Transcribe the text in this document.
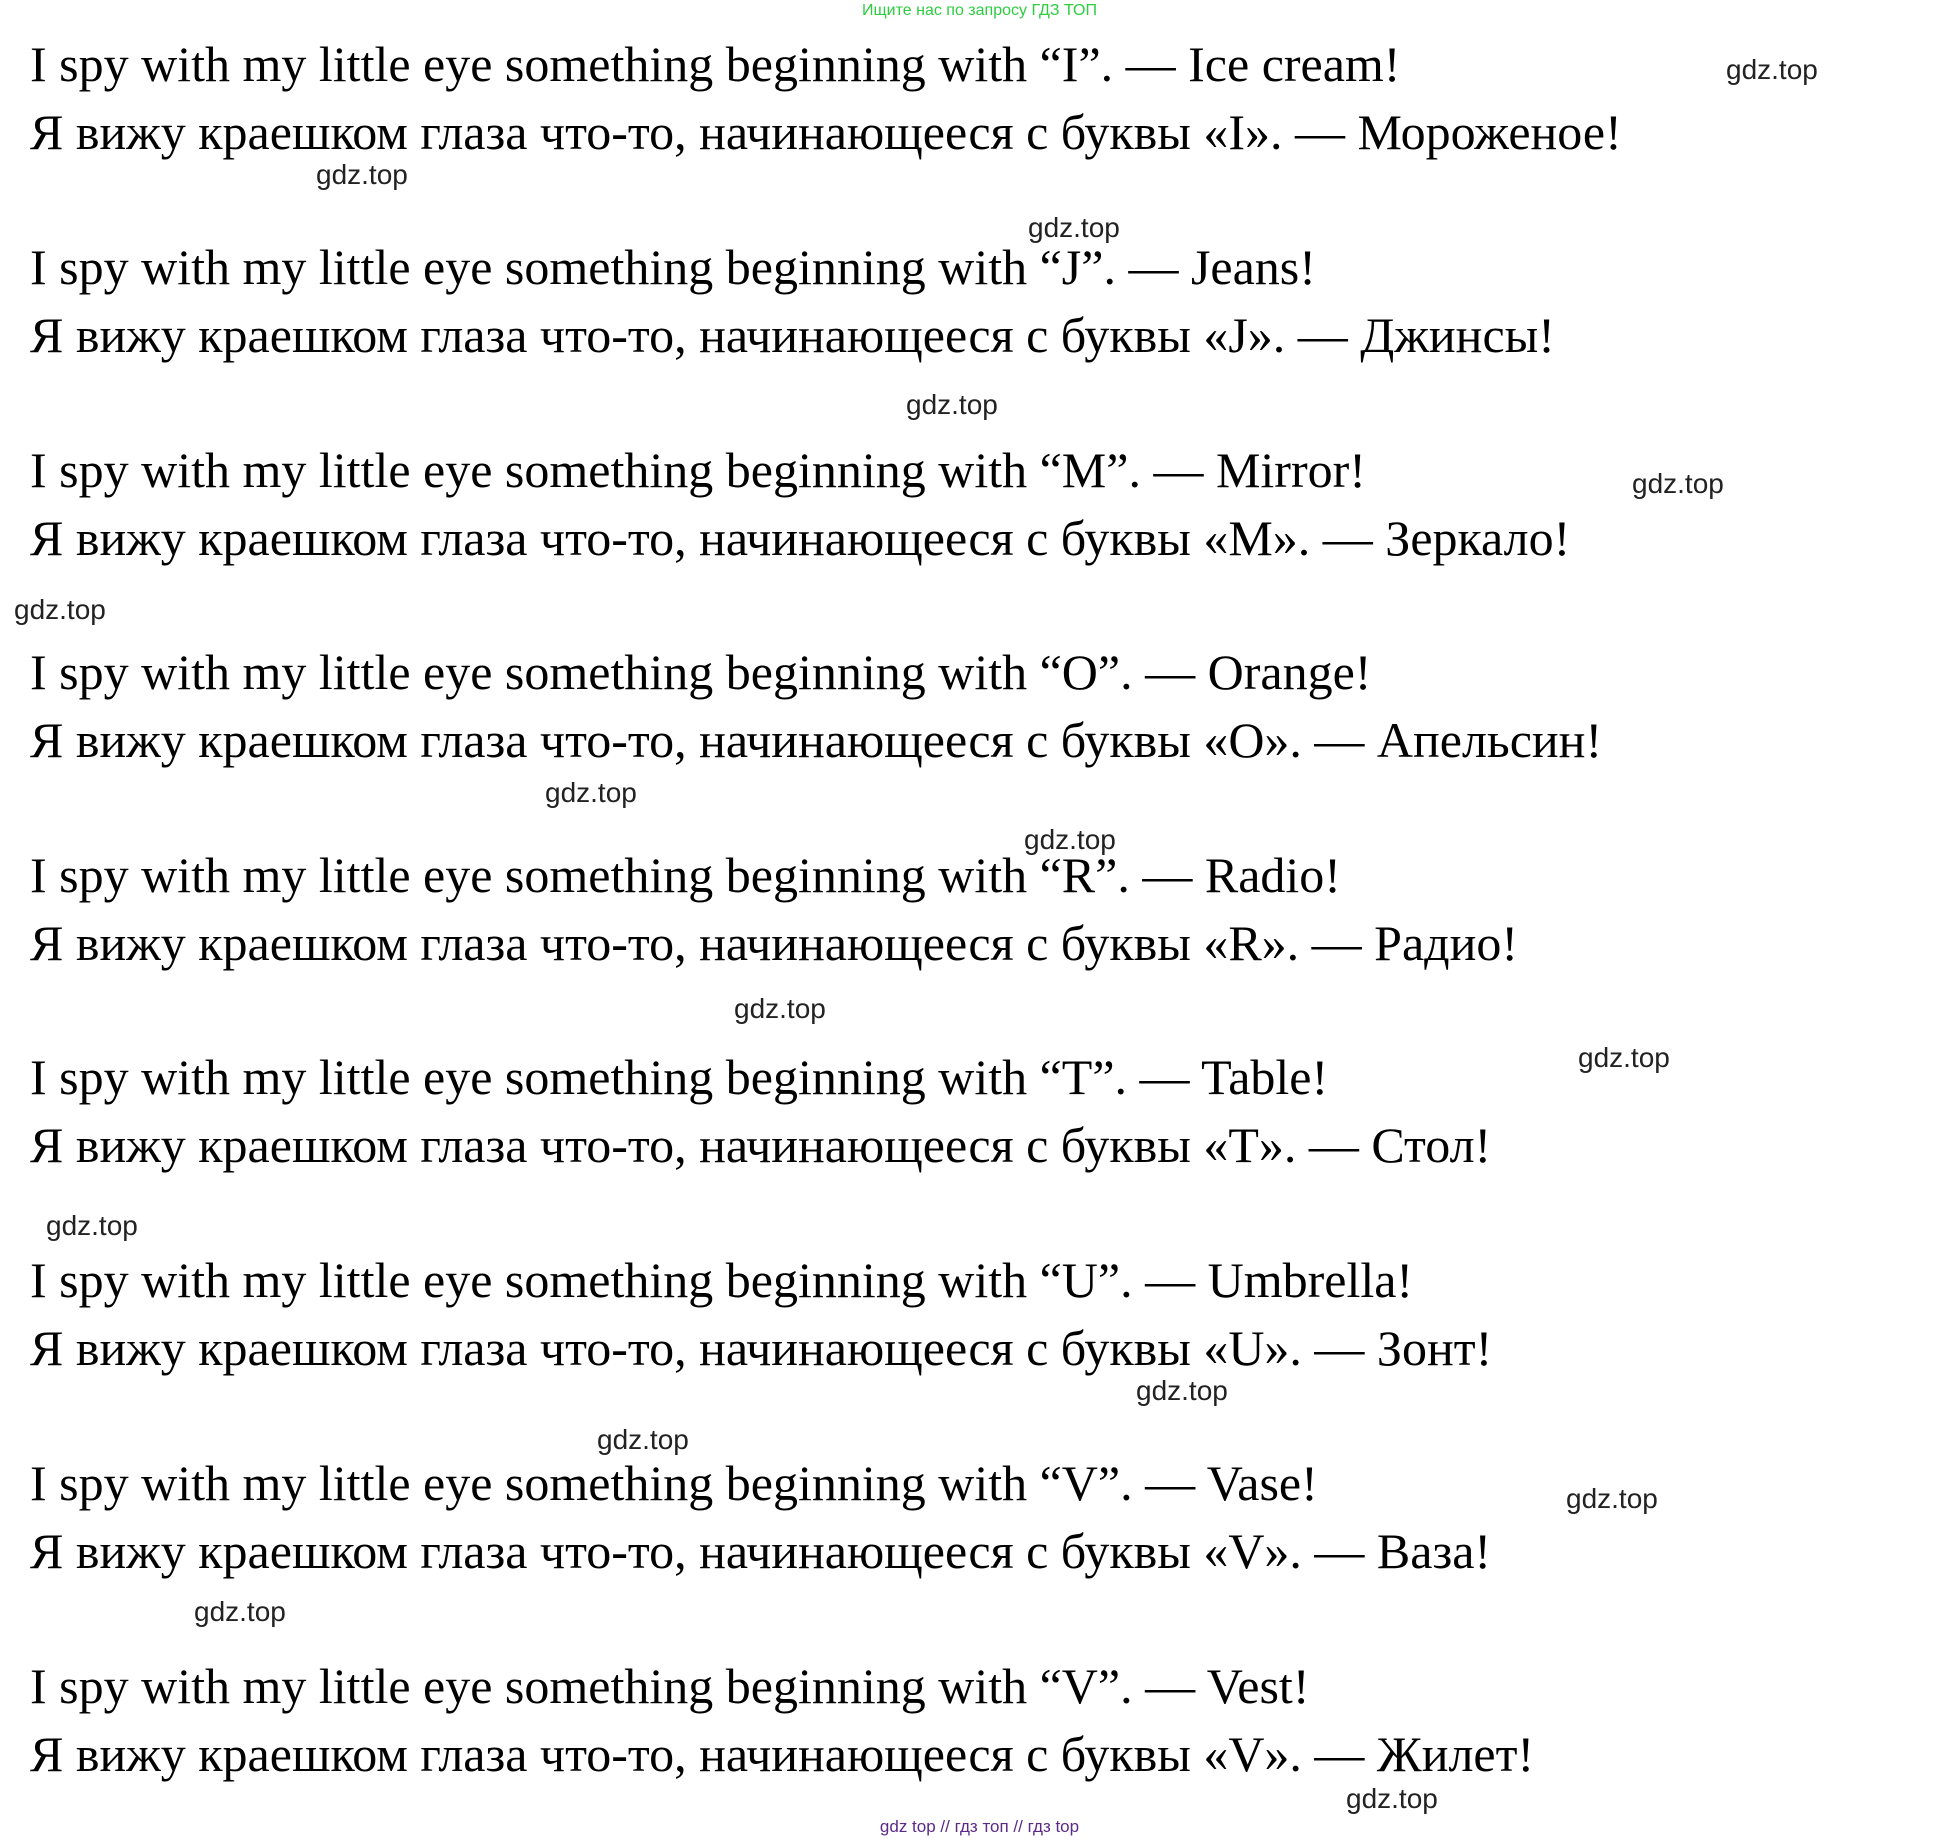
Ищите нас по запросу ГДЗ ТОП
I spy with my little eye something beginning with “I”. — Ice cream!
Я вижу краешком глаза что-то, начинающееся с буквы «I». — Мороженое!
I spy with my little eye something beginning with “J”. — Jeans!
Я вижу краешком глаза что-то, начинающееся с буквы «J». — Джинсы!
I spy with my little eye something beginning with “M”. — Mirror!
Я вижу краешком глаза что-то, начинающееся с буквы «M». — Зеркало!
I spy with my little eye something beginning with “O”. — Orange!
Я вижу краешком глаза что-то, начинающееся с буквы «O». — Апельсин!
I spy with my little eye something beginning with “R”. — Radio!
Я вижу краешком глаза что-то, начинающееся с буквы «R». — Радио!
I spy with my little eye something beginning with “T”. — Table!
Я вижу краешком глаза что-то, начинающееся с буквы «T». — Стол!
I spy with my little eye something beginning with “U”. — Umbrella!
Я вижу краешком глаза что-то, начинающееся с буквы «U». — Зонт!
I spy with my little eye something beginning with “V”. — Vase!
Я вижу краешком глаза что-то, начинающееся с буквы «V». — Ваза!
I spy with my little eye something beginning with “V”. — Vest!
Я вижу краешком глаза что-то, начинающееся с буквы «V». — Жилет!
gdz.top
gdz.top
gdz.top
gdz.top
gdz.top
gdz.top
gdz.top
gdz.top
gdz.top
gdz.top
gdz.top
gdz.top
gdz.top
gdz.top
gdz.top
gdz.top
gdz top // гдз топ // гдз top
